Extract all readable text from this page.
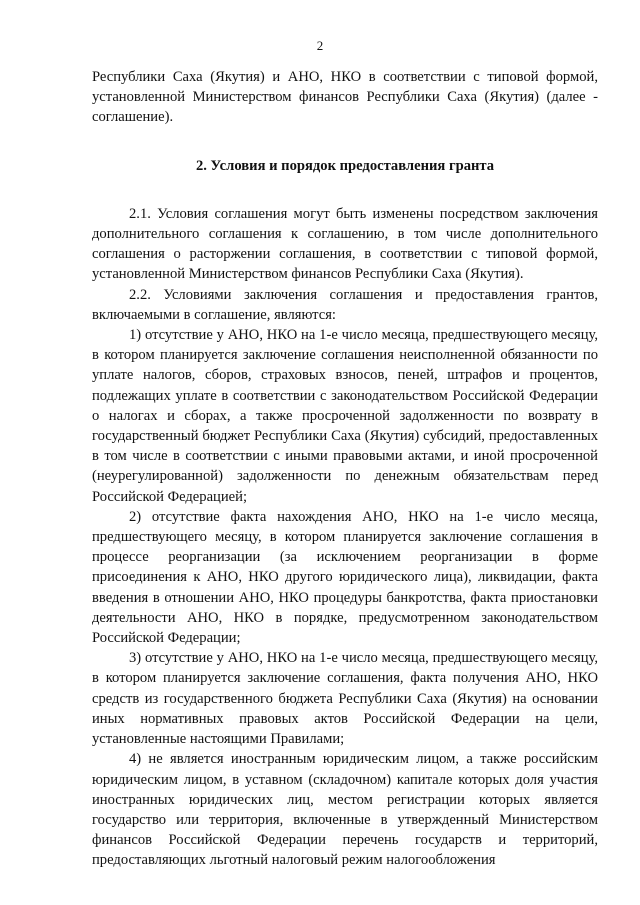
2

Республики Саха (Якутия) и АНО, НКО в соответствии с типовой формой, установленной Министерством финансов Республики Саха (Якутия) (далее - соглашение).

2. Условия и порядок предоставления гранта

2.1. Условия соглашения могут быть изменены посредством заключения дополнительного соглашения к соглашению, в том числе дополнительного соглашения о расторжении соглашения, в соответствии с типовой формой, установленной Министерством финансов Республики Саха (Якутия).

2.2. Условиями заключения соглашения и предоставления грантов, включаемыми в соглашение, являются:

1) отсутствие у АНО, НКО на 1-е число месяца, предшествующего месяцу, в котором планируется заключение соглашения неисполненной обязанности по уплате налогов, сборов, страховых взносов, пеней, штрафов и процентов, подлежащих уплате в соответствии с законодательством Российской Федерации о налогах и сборах, а также просроченной задолженности по возврату в государственный бюджет Республики Саха (Якутия) субсидий, предоставленных в том числе в соответствии с иными правовыми актами, и иной просроченной (неурегулированной) задолженности по денежным обязательствам перед Российской Федерацией;

2) отсутствие факта нахождения АНО, НКО на 1-е число месяца, предшествующего месяцу, в котором планируется заключение соглашения в процессе реорганизации (за исключением реорганизации в форме присоединения к АНО, НКО другого юридического лица), ликвидации, факта введения в отношении АНО, НКО процедуры банкротства, факта приостановки деятельности АНО, НКО в порядке, предусмотренном законодательством Российской Федерации;

3) отсутствие у АНО, НКО на 1-е число месяца, предшествующего месяцу, в котором планируется заключение соглашения, факта получения АНО, НКО средств из государственного бюджета Республики Саха (Якутия) на основании иных нормативных правовых актов Российской Федерации на цели, установленные настоящими Правилами;

4) не является иностранным юридическим лицом, а также российским юридическим лицом, в уставном (складочном) капитале которых доля участия иностранных юридических лиц, местом регистрации которых является государство или территория, включенные в утвержденный Министерством финансов Российской Федерации перечень государств и территорий, предоставляющих льготный налоговый режим налогообложения
